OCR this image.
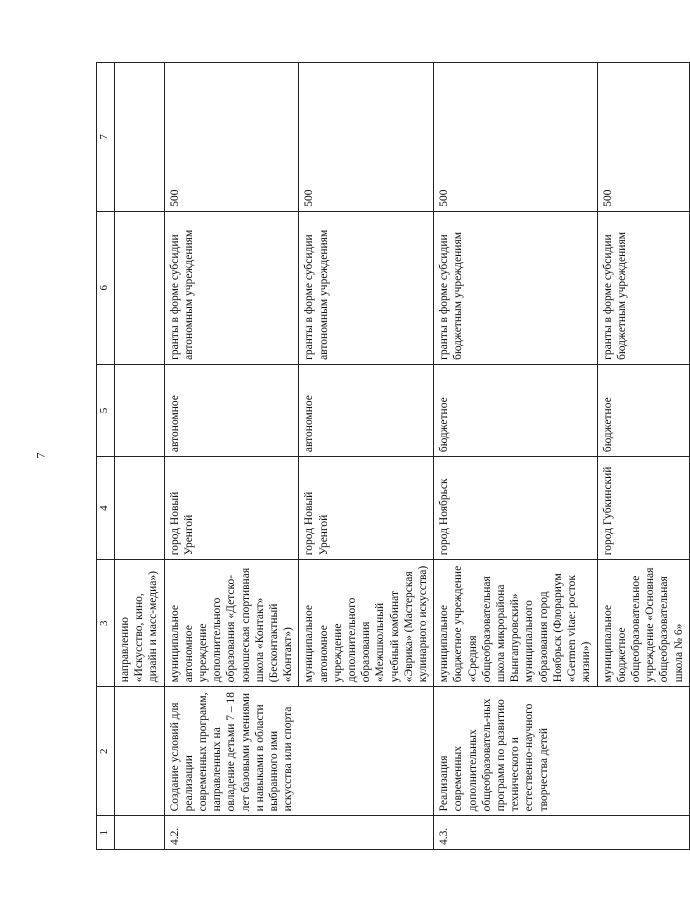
7
1	2	3	4	5	6	7
		направлению «Искусство, кино, дизайн и масс-медиа»)				
4.2.	Создание условий для реализации современных программ, направленных на овладение детьми 7 – 18 лет базовыми умениями и навыками в области выбранного ими искусства или спорта	муниципальное автономное учреждение дополнительного образования «Детско-юношеская спортивная школа «Контакт» (Бесконтактный «Контакт»)	город Новый Уренгой	автономное	гранты в форме субсидии автономным учреждениям	500
		муниципальное автономное учреждение дополнительного образования «Межшкольный учебный комбинат «Эврика» (Мастерская кулинарного искусства)	город Новый Уренгой	автономное	гранты в форме субсидии автономным учреждениям	500
4.3.	Реализация современных дополнительных общеобразователь-ных программ по развитию технического и естественно-научного творчества детей	муниципальное бюджетное учреждение «Средняя общеобразовательная школа микрорайона Вынгапуровский» муниципального образования город Ноябрьск (Флорариум «Germen vitae: росток жизни»)	город Ноябрьск	бюджетное	гранты в форме субсидии бюджетным учреждениям	500
		муниципальное бюджетное общеобразовательное учреждение «Основная общеобразовательная школа № 6»	город Губкинский	бюджетное	гранты в форме субсидии бюджетным учреждениям	500
